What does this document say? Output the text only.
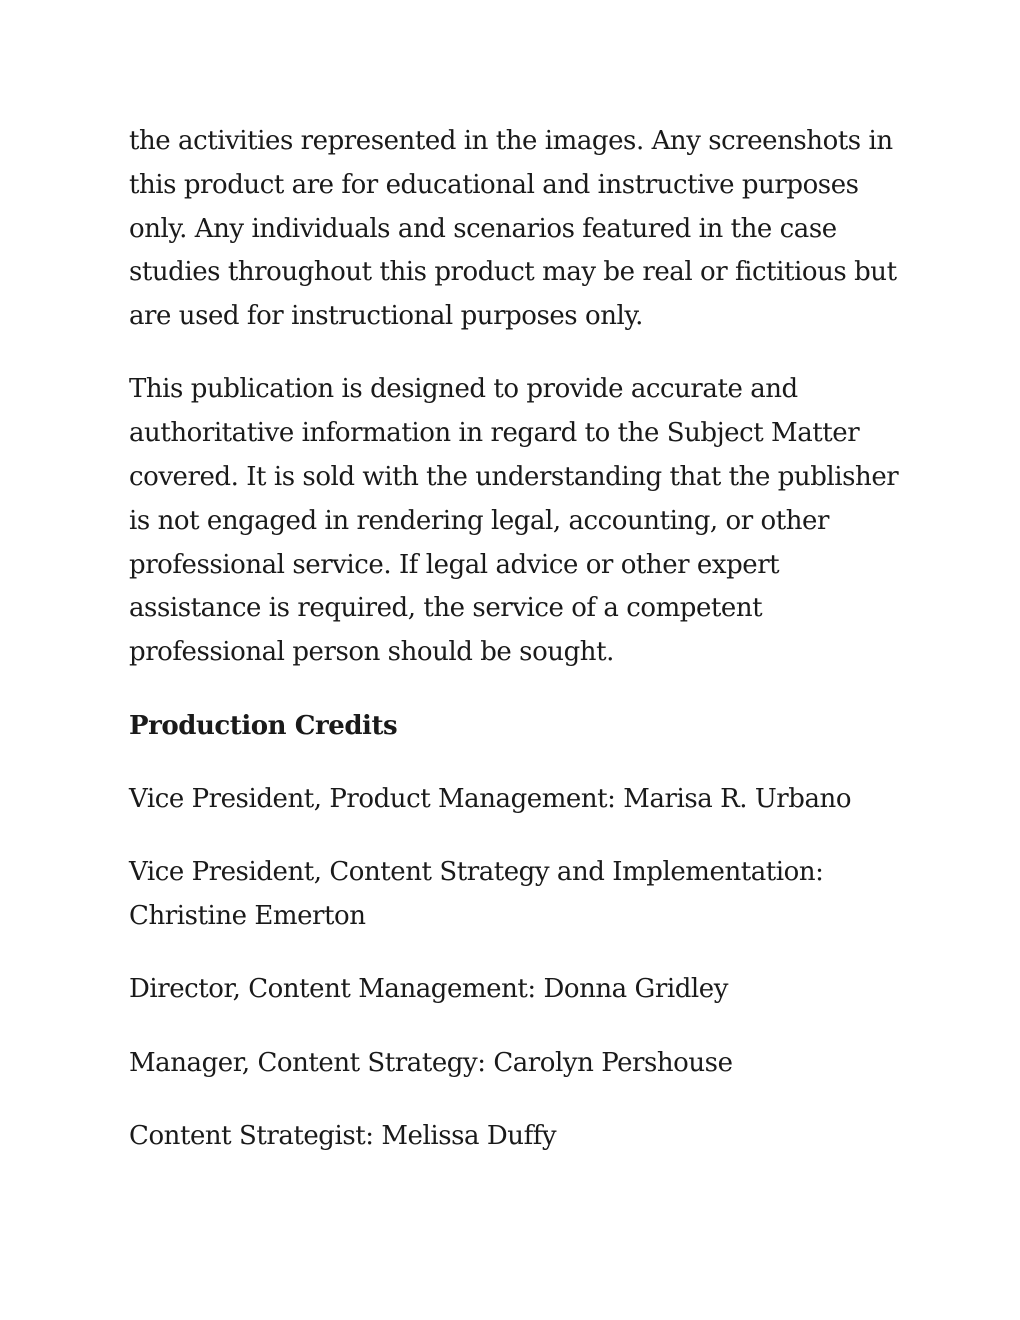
the activities represented in the images. Any screenshots in this product are for educational and instructive purposes only. Any individuals and scenarios featured in the case studies throughout this product may be real or fictitious but are used for instructional purposes only.

This publication is designed to provide accurate and authoritative information in regard to the Subject Matter covered. It is sold with the understanding that the publisher is not engaged in rendering legal, accounting, or other professional service. If legal advice or other expert assistance is required, the service of a competent professional person should be sought.

Production Credits

Vice President, Product Management: Marisa R. Urbano

Vice President, Content Strategy and Implementation: Christine Emerton

Director, Content Management: Donna Gridley

Manager, Content Strategy: Carolyn Pershouse

Content Strategist: Melissa Duffy
